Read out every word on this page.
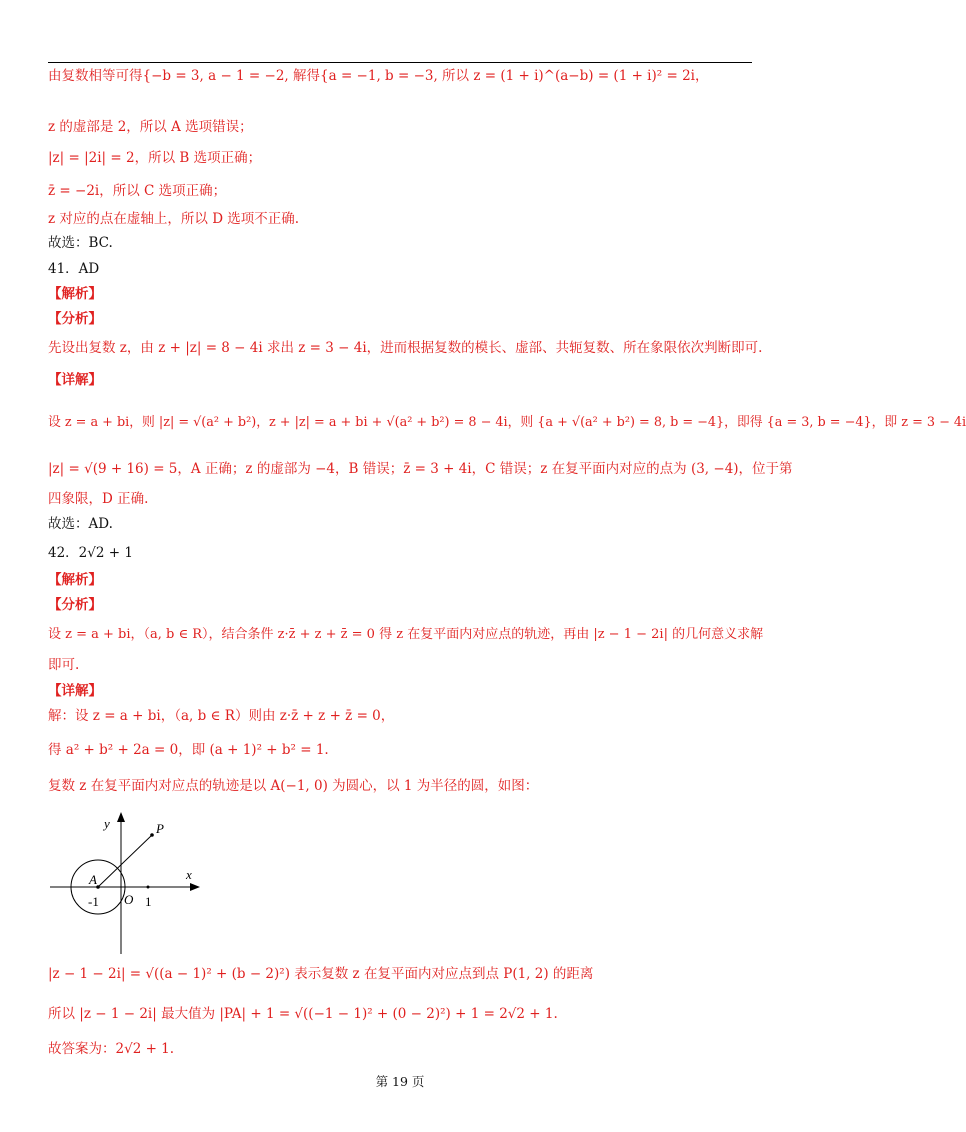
由复数相等可得{−b = 3, a − 1 = −2, 解得{a = −1, b = −3, 所以 z = (1 + i)^(a−b) = (1 + i)² = 2i，
z 的虚部是 2，所以 A 选项错误；
|z| = |2i| = 2，所以 B 选项正确；
z̄ = −2i，所以 C 选项正确；
z 对应的点在虚轴上，所以 D 选项不正确.
故选：BC.
41．AD
【解析】
【分析】
先设出复数 z，由 z + |z| = 8 − 4i 求出 z = 3 − 4i，进而根据复数的模长、虚部、共轭复数、所在象限依次判断即可.
【详解】
设 z = a + bi，则 |z| = √(a² + b²)，z + |z| = a + bi + √(a² + b²) = 8 − 4i，则 {a + √(a² + b²) = 8, b = −4}，即得 {a = 3, b = −4}，即 z = 3 − 4i
|z| = √(9 + 16) = 5，A 正确；z 的虚部为 −4，B 错误；z̄ = 3 + 4i，C 错误；z 在复平面内对应的点为 (3, −4)，位于第
四象限，D 正确.
故选：AD.
42．2√2 + 1
【解析】
【分析】
设 z = a + bi，（a, b ∈ R），结合条件 z·z̄ + z + z̄ = 0 得 z 在复平面内对应点的轨迹，再由 |z − 1 − 2i| 的几何意义求解
即可.
【详解】
解：设 z = a + bi，（a, b ∈ R）则由 z·z̄ + z + z̄ = 0，
得 a² + b² + 2a = 0，即 (a + 1)² + b² = 1.
复数 z 在复平面内对应点的轨迹是以 A(−1, 0) 为圆心，以 1 为半径的圆，如图：
y
x
P
A
O
-1	1
|z − 1 − 2i| = √((a − 1)² + (b − 2)²) 表示复数 z 在复平面内对应点到点 P(1, 2) 的距离
所以 |z − 1 − 2i| 最大值为 |PA| + 1 = √((−1 − 1)² + (0 − 2)²) + 1 = 2√2 + 1.
故答案为：2√2 + 1.
第 19 页
